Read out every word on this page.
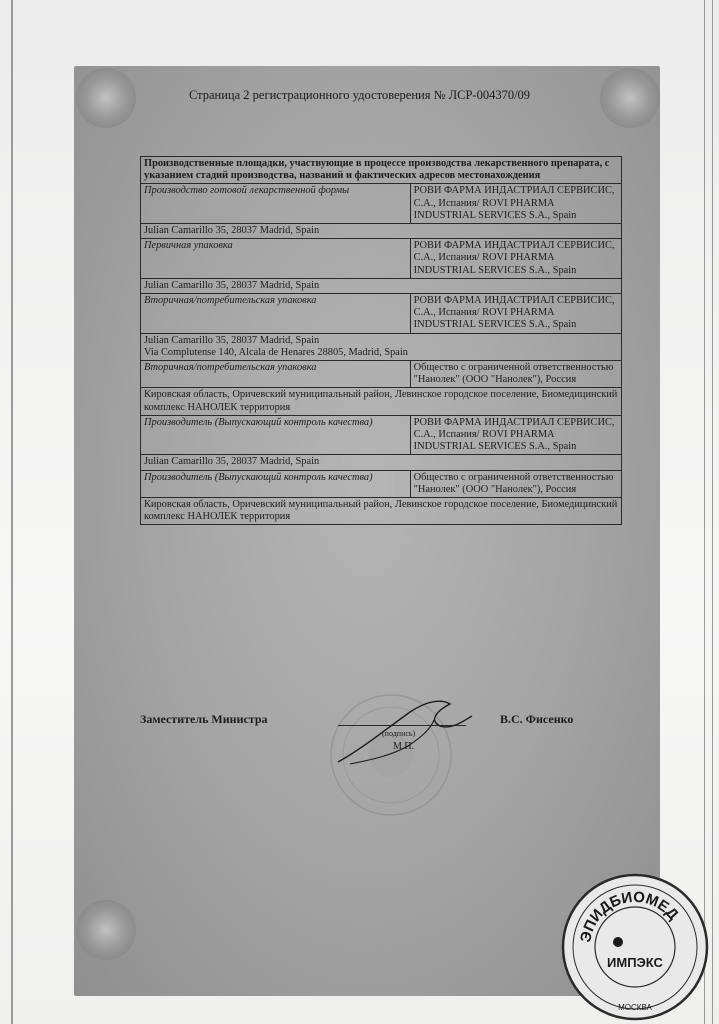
Страница 2 регистрационного удостоверения № ЛСР-004370/09
Производственные площадки, участвующие в процессе производства лекарственного препарата, с указанием стадий производства, названий и фактических адресов местонахождения	
Производство готовой лекарственной формы	РОВИ ФАРМА ИНДАСТРИАЛ СЕРВИСИС, С.А., Испания/ ROVI PHARMA INDUSTRIAL SERVICES S.A., Spain
Julian Camarillo 35, 28037 Madrid, Spain	
Первичная упаковка	РОВИ ФАРМА ИНДАСТРИАЛ СЕРВИСИС, С.А., Испания/ ROVI PHARMA INDUSTRIAL SERVICES S.A., Spain
Julian Camarillo 35, 28037 Madrid, Spain	
Вторичная/потребительская упаковка	РОВИ ФАРМА ИНДАСТРИАЛ СЕРВИСИС, С.А., Испания/ ROVI PHARMA INDUSTRIAL SERVICES S.A., Spain
Julian Camarillo 35, 28037 Madrid, Spain
Via Complutense 140, Alcala de Henares 28805, Madrid, Spain	
Вторичная/потребительская упаковка	Общество с ограниченной ответственностью "Нанолек" (ООО "Нанолек"), Россия
Кировская область, Оричевский муниципальный район, Левинское городское поселение, Биомедицинский комплекс НАНОЛЕК территория	
Производитель (Выпускающий контроль качества)	РОВИ ФАРМА ИНДАСТРИАЛ СЕРВИСИС, С.А., Испания/ ROVI PHARMA INDUSTRIAL SERVICES S.A., Spain
Julian Camarillo 35, 28037 Madrid, Spain	
Производитель (Выпускающий контроль качества)	Общество с ограниченной ответственностью "Нанолек" (ООО "Нанолек"), Россия
Кировская область, Оричевский муниципальный район, Левинское городское поселение, Биомедицинский комплекс НАНОЛЕК территория	
Заместитель Министра
(подпись)
М.П.
В.С. Фисенко
ЭПИДБИОМЕД
ИМПЭКС
МОСКВА
